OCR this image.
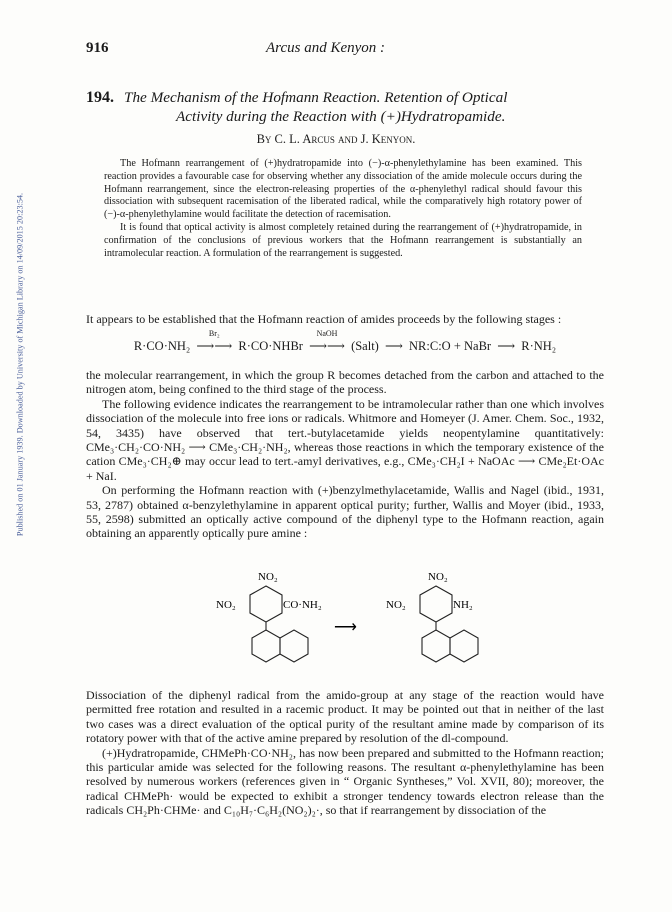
Published on 01 January 1939. Downloaded by University of Michigan Library on 14/09/2015 20:23:54.
916	Arcus and Kenyon :
194. The Mechanism of the Hofmann Reaction. Retention of Optical
Activity during the Reaction with (+)Hydratropamide.
By C. L. Arcus and J. Kenyon.

The Hofmann rearrangement of (+)hydratropamide into (−)-α-phenylethylamine has been examined. This reaction provides a favourable case for observing whether any dissociation of the amide molecule occurs during the Hofmann rearrangement, since the electron-releasing properties of the α-phenylethyl radical should favour this dissociation with subsequent racemisation of the liberated radical, while the comparatively high rotatory power of (−)-α-phenylethylamine would facilitate the detection of racemisation.

It is found that optical activity is almost completely retained during the rearrangement of (+)hydratropamide, in confirmation of the conclusions of previous workers that the Hofmann rearrangement is substantially an intramolecular reaction. A formulation of the rearrangement is suggested.

It appears to be established that the Hofmann reaction of amides proceeds by the following stages :

R·CO·NH₂
Br₂
⟶⟶ R·CO·NHBr
NaOH
⟶⟶ (Salt) ⟶ NR:C:O + NaBr ⟶ R·NH₂

the molecular rearrangement, in which the group R becomes detached from the carbon and attached to the nitrogen atom, being confined to the third stage of the process.

The following evidence indicates the rearrangement to be intramolecular rather than one which involves dissociation of the molecule into free ions or radicals. Whitmore and Homeyer (J. Amer. Chem. Soc., 1932, 54, 3435) have observed that tert.-butylacetamide yields neopentylamine quantitatively: CMe₃·CH₂·CO·NH₂ ⟶ CMe₃·CH₂·NH₂, whereas those reactions in which the temporary existence of the cation CMe₃·CH₂⊕ may occur lead to tert.-amyl derivatives, e.g., CMe₃·CH₂I + NaOAc ⟶ CMe₂Et·OAc + NaI.

On performing the Hofmann reaction with (+)benzylmethylacetamide, Wallis and Nagel (ibid., 1931, 53, 2787) obtained α-benzylethylamine in apparent optical purity; further, Wallis and Moyer (ibid., 1933, 55, 2598) submitted an optically active compound of the diphenyl type to the Hofmann reaction, again obtaining an apparently optically pure amine :

NO₂
NO₂	CO·NH₂
⟶
NO₂
NO₂	NH₂

Dissociation of the diphenyl radical from the amido-group at any stage of the reaction would have permitted free rotation and resulted in a racemic product. It may be pointed out that in neither of the last two cases was a direct evaluation of the optical purity of the resultant amine made by comparison of its rotatory power with that of the active amine prepared by resolution of the dl-compound.

(+)Hydratropamide, CHMePh·CO·NH₂, has now been prepared and submitted to the Hofmann reaction; this particular amide was selected for the following reasons. The resultant α-phenylethylamine has been resolved by numerous workers (references given in “ Organic Syntheses,” Vol. XVII, 80); moreover, the radical CHMePh· would be expected to exhibit a stronger tendency towards electron release than the radicals CH₂Ph·CHMe· and C₁₀H₇·C₆H₂(NO₂)₂·, so that if rearrangement by dissociation of the
